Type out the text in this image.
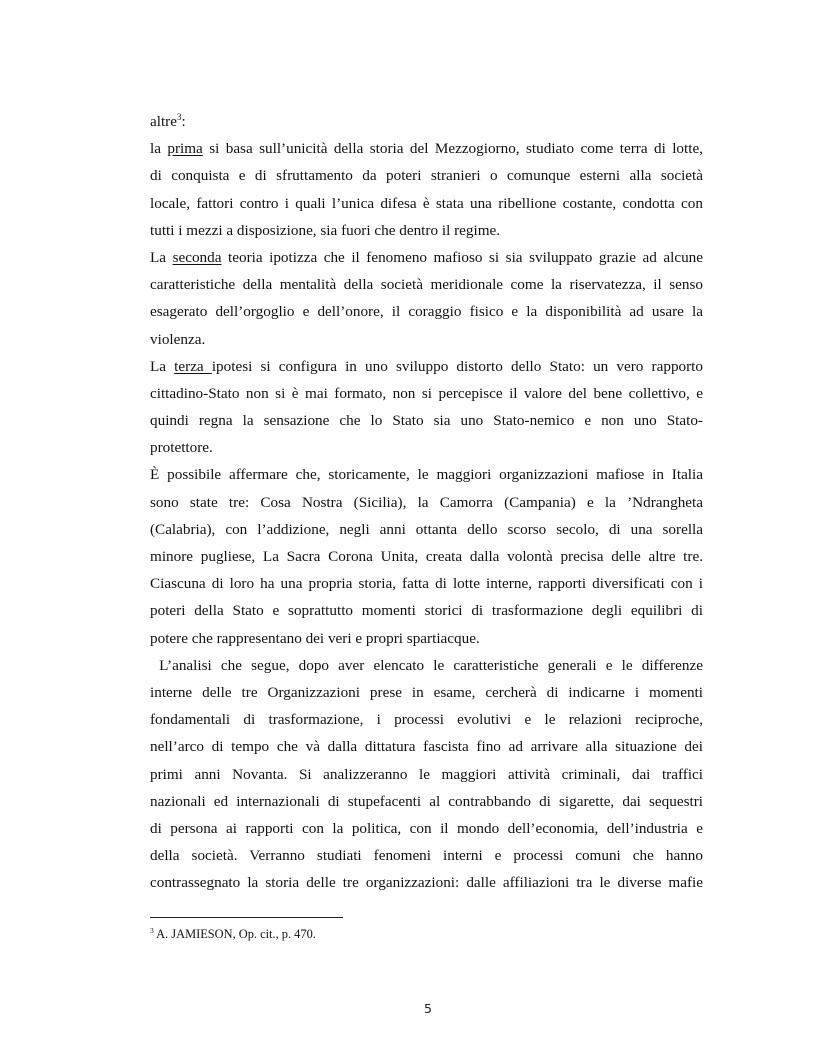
altre$^3$:

la prima si basa sull’unicità della storia del Mezzogiorno, studiato come terra di lotte,

di conquista e di sfruttamento da poteri stranieri o comunque esterni alla società

locale, fattori contro i quali l’unica difesa è stata una ribellione costante, condotta con

tutti i mezzi a disposizione, sia fuori che dentro il regime.

La seconda teoria ipotizza che il fenomeno mafioso si sia sviluppato grazie ad alcune

caratteristiche della mentalità della società meridionale come la riservatezza, il senso

esagerato dell’orgoglio e dell’onore, il coraggio fisico e la disponibilità ad usare la

violenza.

La terza ipotesi si configura in uno sviluppo distorto dello Stato: un vero rapporto

cittadino-Stato non si è mai formato, non si percepisce il valore del bene collettivo, e

quindi regna la sensazione che lo Stato sia uno Stato-nemico e non uno Stato-

protettore.

È possibile affermare che, storicamente, le maggiori organizzazioni mafiose in Italia

sono state tre: Cosa Nostra (Sicilia), la Camorra (Campania) e la ’Ndrangheta

(Calabria), con l’addizione, negli anni ottanta dello scorso secolo, di una sorella

minore pugliese, La Sacra Corona Unita, creata dalla volontà precisa delle altre tre.

Ciascuna di loro ha una propria storia, fatta di lotte interne, rapporti diversificati con i

poteri della Stato e soprattutto momenti storici di trasformazione degli equilibri di

potere che rappresentano dei veri e propri spartiacque.

L’analisi che segue, dopo aver elencato le caratteristiche generali e le differenze

interne delle tre Organizzazioni prese in esame, cercherà di indicarne i momenti

fondamentali di trasformazione, i processi evolutivi e le relazioni reciproche,

nell’arco di tempo che và dalla dittatura fascista fino ad arrivare alla situazione dei

primi anni Novanta. Si analizzeranno le maggiori attività criminali, dai traffici

nazionali ed internazionali di stupefacenti al contrabbando di sigarette, dai sequestri

di persona ai rapporti con la politica, con il mondo dell’economia, dell’industria e

della società. Verranno studiati fenomeni interni e processi comuni che hanno

contrassegnato la storia delle tre organizzazioni: dalle affiliazioni tra le diverse mafie

$^3$ A. JAMIESON, Op. cit., p. 470.
5
